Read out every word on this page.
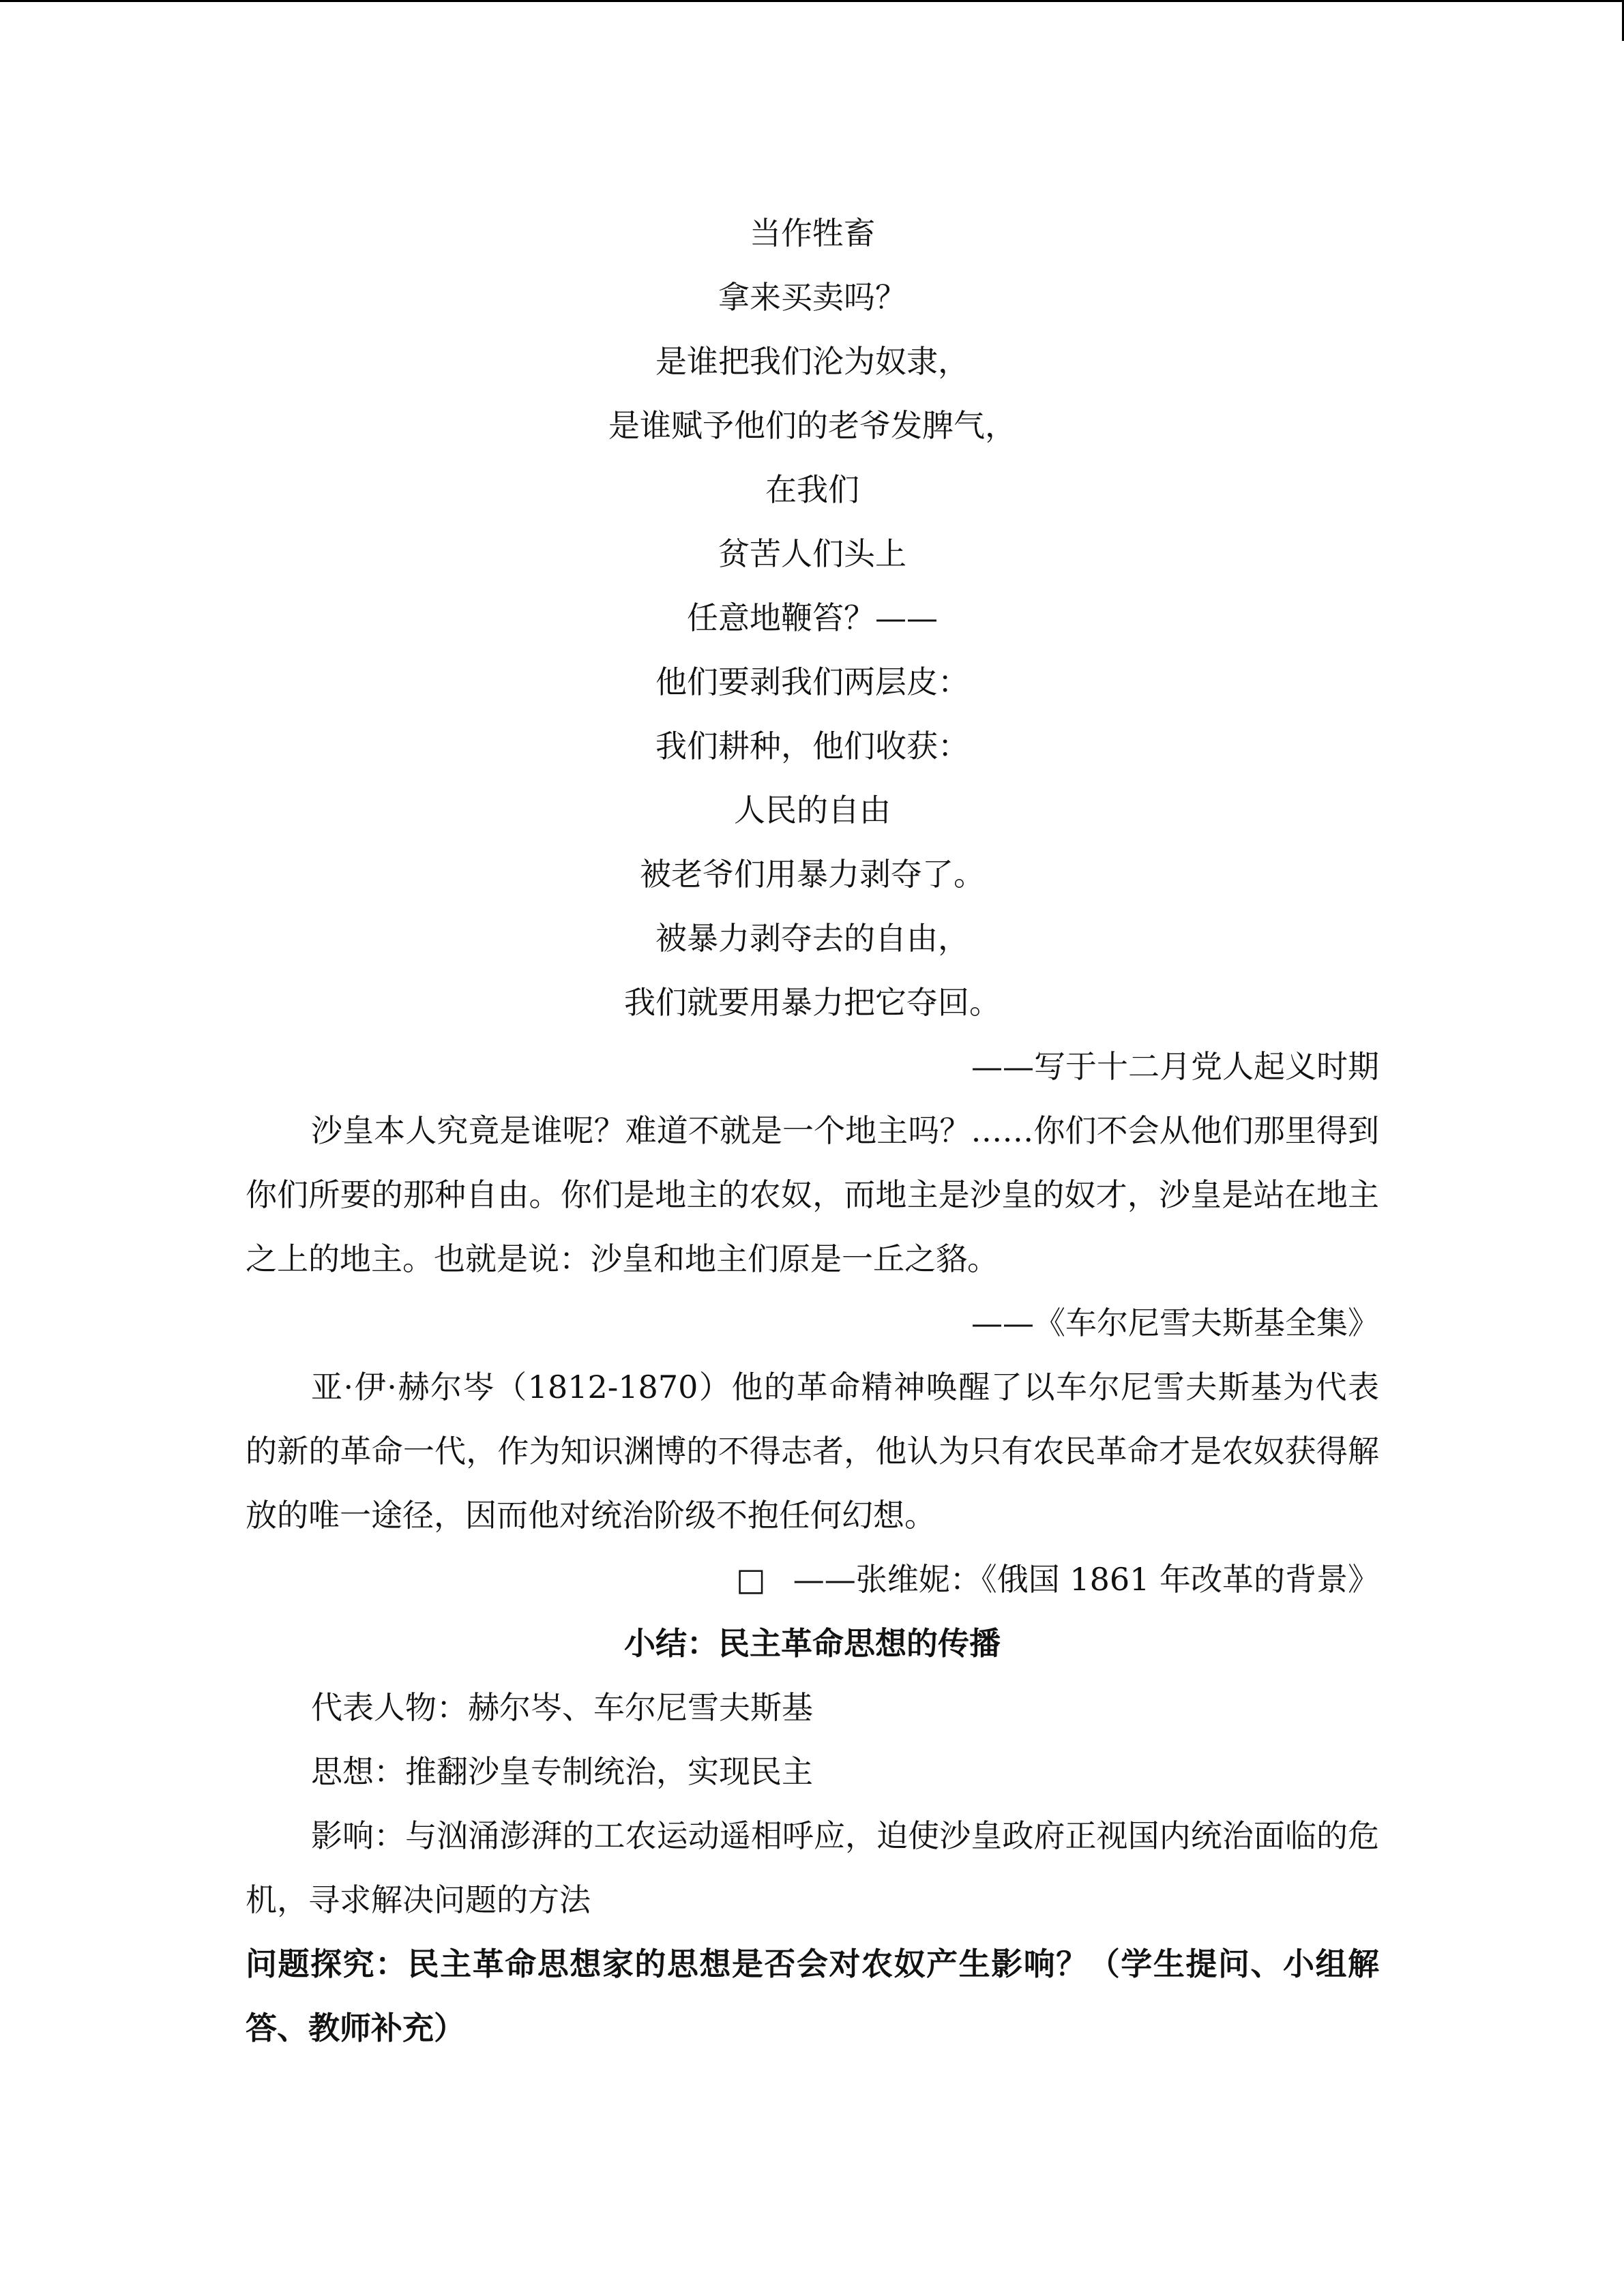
当作牲畜
拿来买卖吗？
是谁把我们沦为奴隶，
是谁赋予他们的老爷发脾气，
在我们
贫苦人们头上
任意地鞭笞？——
他们要剥我们两层皮：
我们耕种，他们收获：
人民的自由
被老爷们用暴力剥夺了。
被暴力剥夺去的自由，
我们就要用暴力把它夺回。
——写于十二月党人起义时期
沙皇本人究竟是谁呢？难道不就是一个地主吗？……你们不会从他们那里得到你们所要的那种自由。你们是地主的农奴，而地主是沙皇的奴才，沙皇是站在地主之上的地主。也就是说：沙皇和地主们原是一丘之貉。
——《车尔尼雪夫斯基全集》
亚·伊·赫尔岑（1812-1870）他的革命精神唤醒了以车尔尼雪夫斯基为代表的新的革命一代，作为知识渊博的不得志者，他认为只有农民革命才是农奴获得解放的唯一途径，因而他对统治阶级不抱任何幻想。
□ ——张维妮：《俄国 1861 年改革的背景》
小结：民主革命思想的传播
代表人物：赫尔岑、车尔尼雪夫斯基
思想：推翻沙皇专制统治，实现民主
影响：与汹涌澎湃的工农运动遥相呼应，迫使沙皇政府正视国内统治面临的危机，寻求解决问题的方法
问题探究：民主革命思想家的思想是否会对农奴产生影响？（学生提问、小组解答、教师补充）
